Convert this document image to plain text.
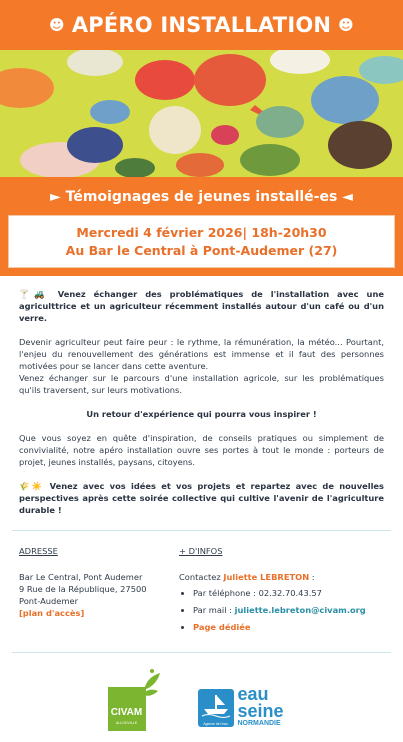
☻ APÉRO INSTALLATION ☻
► Témoignages de jeunes installé-es ◄
Mercredi 4 février 2026| 18h-20h30
Au Bar le Central à Pont-Audemer (27)

🍸🚜 Venez échanger des problématiques de l'installation avec une agriculttrice et un agriculteur récemment installés autour d'un café ou d'un verre.

Devenir agriculteur peut faire peur : le rythme, la rémunération, la météo... Pourtant, l'enjeu du renouvellement des générations est immense et il faut des personnes motivées pour se lancer dans cette aventure.

Venez échanger sur le parcours d'une installation agricole, sur les problématiques qu'ils traversent, sur leurs motivations.

Un retour d'expérience qui pourra vous inspirer !

Que vous soyez en quête d'inspiration, de conseils pratiques ou simplement de convivialité, notre apéro installation ouvre ses portes à tout le monde : porteurs de projet, jeunes installés, paysans, citoyens.

🌾☀️ Venez avec vos idées et vos projets et repartez avec de nouvelles perspectives après cette soirée collective qui cultive l'avenir de l'agriculture durable !

ADRESSE
Bar Le Central, Pont Audemer
9 Rue de la République, 27500
Pont-Audemer
[plan d'accès]
+ D'INFOS
Contactez Juliette LEBRETON :
• Par téléphone : 02.32.70.43.57
• Par mail : juliette.lebreton@civam.org
• Page dédiée
CIVAM
ALLOUVILLE	Agence de l'eau
eau
seine
NORMANDIE
